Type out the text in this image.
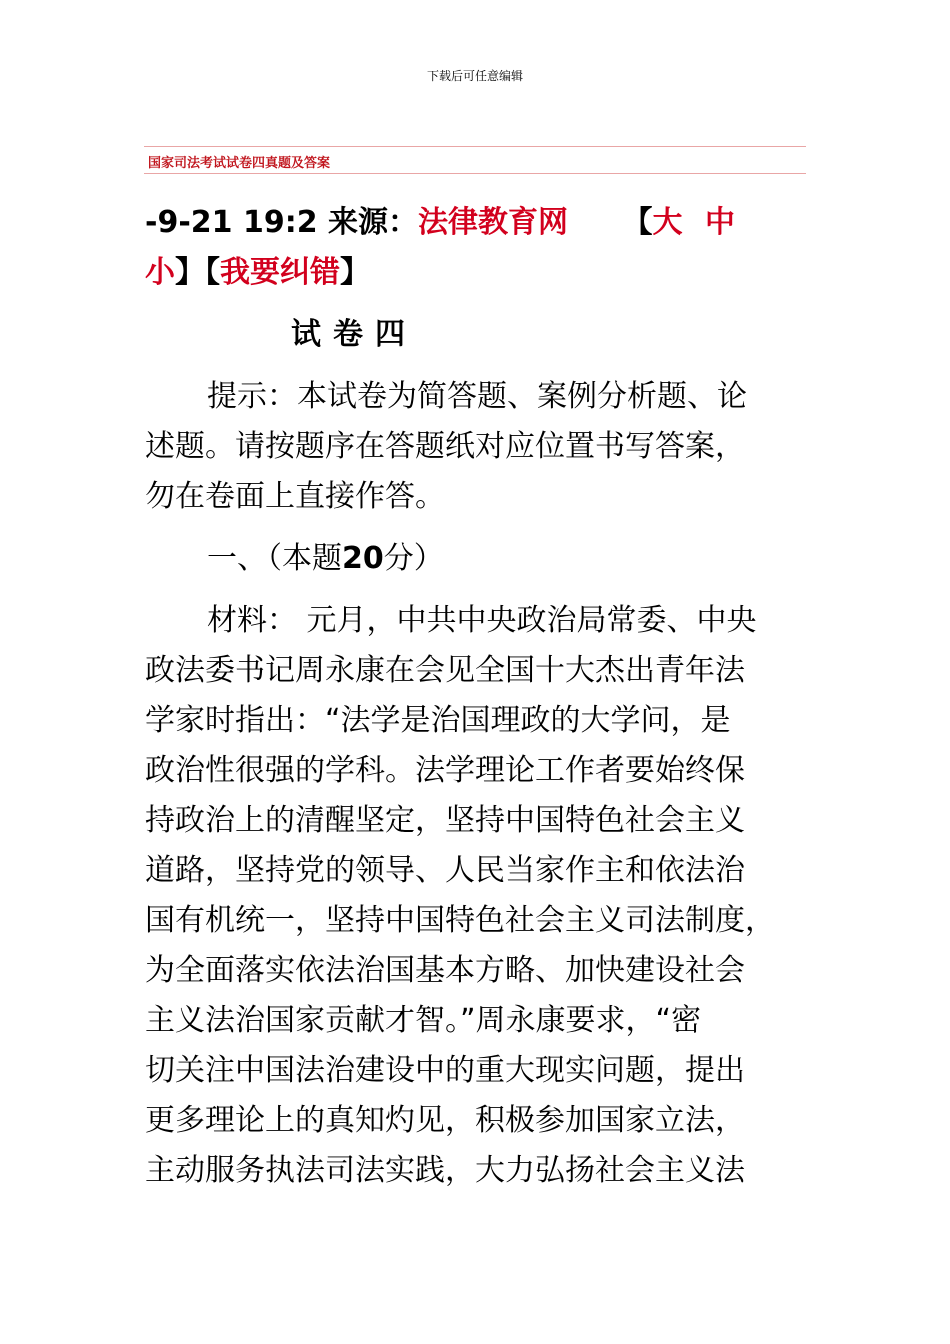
下载后可任意编辑
国家司法考试试卷四真题及答案
-9-21 19:2 来源：法律教育网 【大 中
小】【我要纠错】
试卷四
提示：本试卷为简答题、案例分析题、论
述题。请按题序在答题纸对应位置书写答案，
勿在卷面上直接作答。
一、（本题20分）
材料： 元月，中共中央政治局常委、中央
政法委书记周永康在会见全国十大杰出青年法
学家时指出：“法学是治国理政的大学问，是
政治性很强的学科。法学理论工作者要始终保
持政治上的清醒坚定，坚持中国特色社会主义
道路，坚持党的领导、人民当家作主和依法治
国有机统一，坚持中国特色社会主义司法制度，
为全面落实依法治国基本方略、加快建设社会
主义法治国家贡献才智。”周永康要求，“密
切关注中国法治建设中的重大现实问题，提出
更多理论上的真知灼见，积极参加国家立法，
主动服务执法司法实践，大力弘扬社会主义法
